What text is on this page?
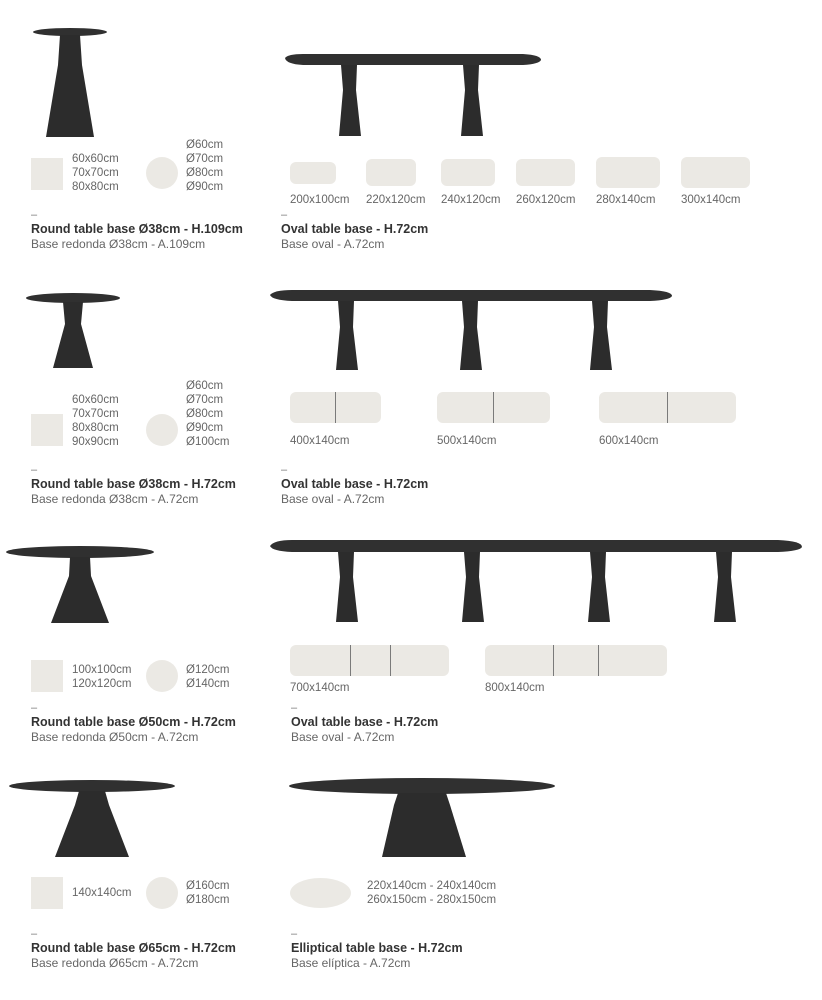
60x60cm
70x70cm
80x80cm
Ø60cm
Ø70cm
Ø80cm
Ø90cm
200x100cm 220x120cm 240x120cm 260x120cm 280x140cm 300x140cm
–
Round table base Ø38cm - H.109cm
Base redonda Ø38cm - A.109cm
–
Oval table base - H.72cm
Base oval - A.72cm
60x60cm
70x70cm
80x80cm
90x90cm
Ø60cm
Ø70cm
Ø80cm
Ø90cm
Ø100cm	400x140cm	500x140cm	600x140cm
–
Round table base Ø38cm - H.72cm
Base redonda Ø38cm - A.72cm
–
Oval table base - H.72cm
Base oval - A.72cm
100x100cm
120x120cm
Ø120cm
Ø140cm	700x140cm	800x140cm
–
Round table base Ø50cm - H.72cm
Base redonda Ø50cm - A.72cm
–
Oval table base - H.72cm
Base oval - A.72cm
140x140cm
Ø160cm
Ø180cm
220x140cm - 240x140cm
260x150cm - 280x150cm
–
Round table base Ø65cm - H.72cm
Base redonda Ø65cm - A.72cm
–
Elliptical table base - H.72cm
Base elíptica - A.72cm
